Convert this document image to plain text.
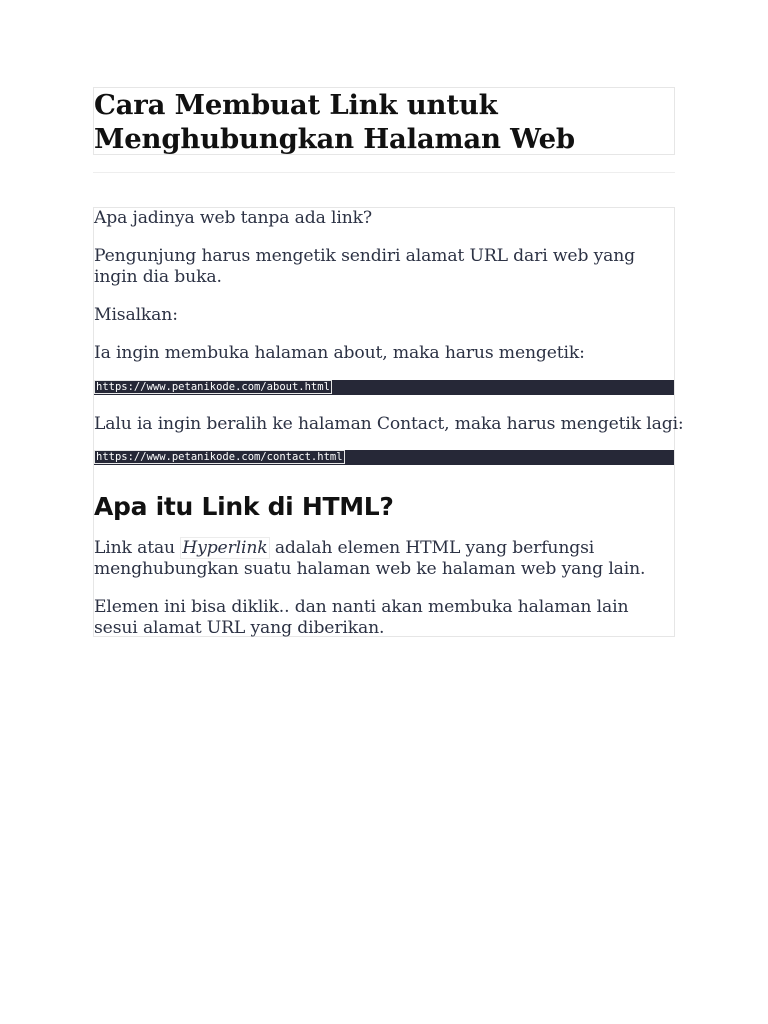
Cara Membuat Link untuk
Menghubungkan Halaman Web

Apa jadinya web tanpa ada link?

Pengunjung harus mengetik sendiri alamat URL dari web yang
ingin dia buka.

Misalkan:

Ia ingin membuka halaman about, maka harus mengetik:

https://www.petanikode.com/about.html

Lalu ia ingin beralih ke halaman Contact, maka harus mengetik lagi:

https://www.petanikode.com/contact.html
Apa itu Link di HTML?

Link atau Hyperlink adalah elemen HTML yang berfungsi
menghubungkan suatu halaman web ke halaman web yang lain.

Elemen ini bisa diklik.. dan nanti akan membuka halaman lain
sesui alamat URL yang diberikan.
